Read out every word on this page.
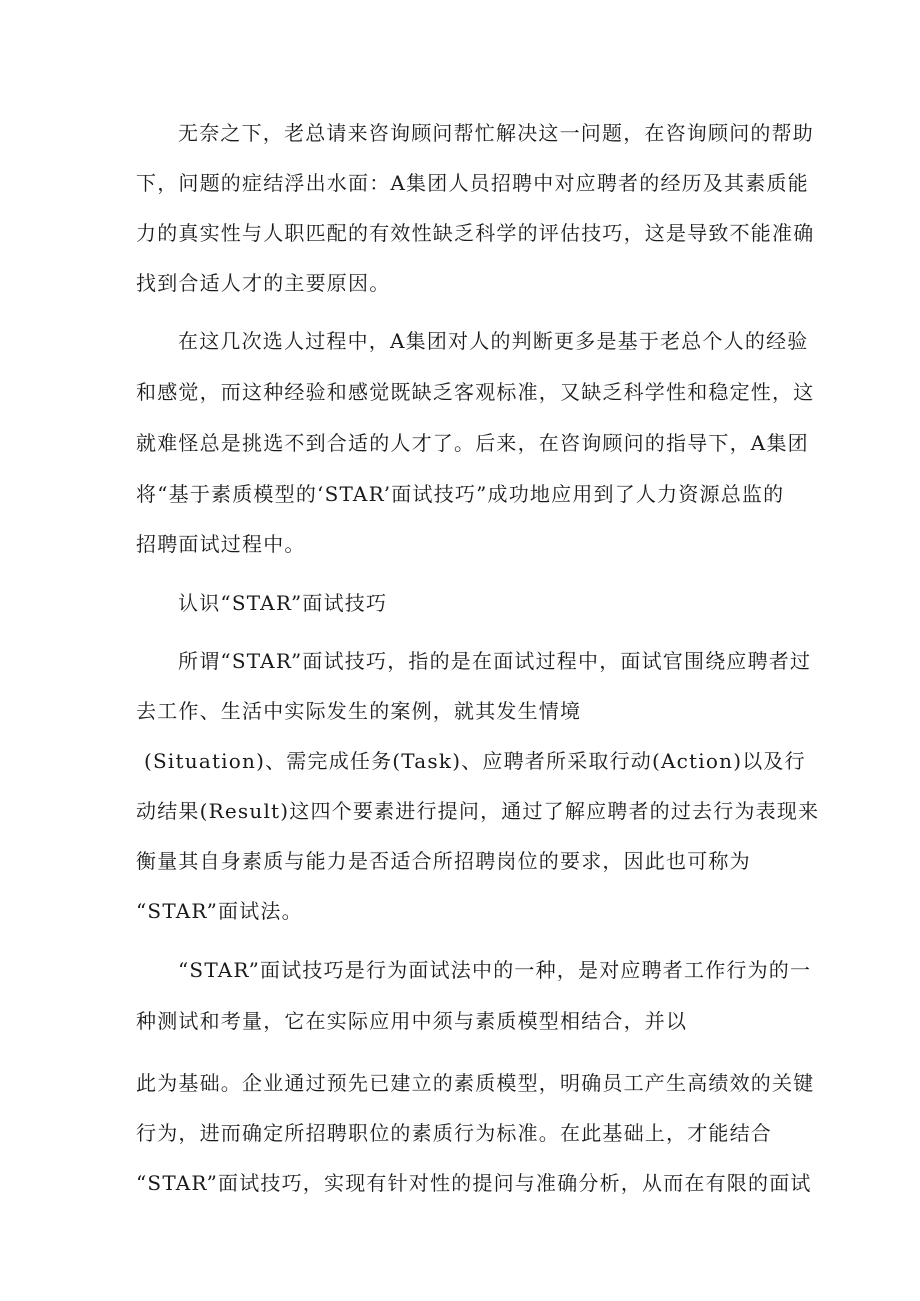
无奈之下，老总请来咨询顾问帮忙解决这一问题，在咨询顾问的帮助

下，问题的症结浮出水面：A集团人员招聘中对应聘者的经历及其素质能

力的真实性与人职匹配的有效性缺乏科学的评估技巧，这是导致不能准确

找到合适人才的主要原因。

在这几次选人过程中，A集团对人的判断更多是基于老总个人的经验

和感觉，而这种经验和感觉既缺乏客观标准，又缺乏科学性和稳定性，这

就难怪总是挑选不到合适的人才了。后来，在咨询顾问的指导下，A集团

将“基于素质模型的‘STAR’面试技巧”成功地应用到了人力资源总监的

招聘面试过程中。

认识“STAR”面试技巧

所谓“STAR”面试技巧，指的是在面试过程中，面试官围绕应聘者过

去工作、生活中实际发生的案例，就其发生情境

(Situation)、需完成任务(Task)、应聘者所采取行动(Action)以及行

动结果(Result)这四个要素进行提问，通过了解应聘者的过去行为表现来

衡量其自身素质与能力是否适合所招聘岗位的要求，因此也可称为

“STAR”面试法。

“STAR”面试技巧是行为面试法中的一种，是对应聘者工作行为的一

种测试和考量，它在实际应用中须与素质模型相结合，并以

此为基础。企业通过预先已建立的素质模型，明确员工产生高绩效的关键

行为，进而确定所招聘职位的素质行为标准。在此基础上，才能结合

“STAR”面试技巧，实现有针对性的提问与准确分析，从而在有限的面试
